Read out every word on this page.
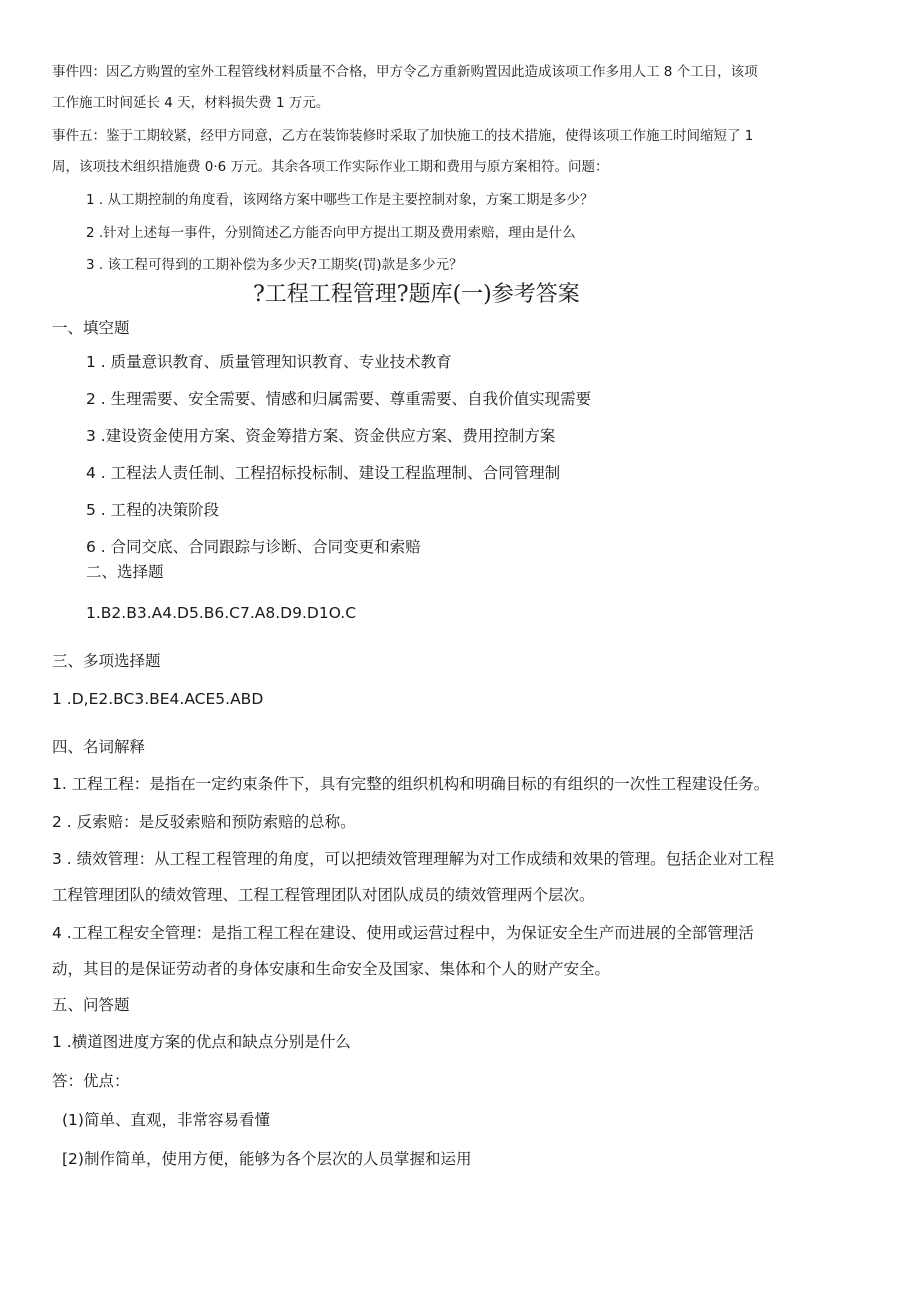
事件四：因乙方购置的室外工程管线材料质量不合格，甲方令乙方重新购置因此造成该项工作多用人工 8 个工日，该项
工作施工时间延长 4 天，材料损失费 1 万元。
事件五：鉴于工期较紧，经甲方同意，乙方在装饰装修时采取了加快施工的技术措施，使得该项工作施工时间缩短了 1
周，该项技术组织措施费 0·6 万元。其余各项工作实际作业工期和费用与原方案相符。问题：
1 . 从工期控制的角度看，该网络方案中哪些工作是主要控制对象，方案工期是多少？
2 .针对上述每一事件，分别简述乙方能否向甲方提出工期及费用索赔，理由是什么
3 . 该工程可得到的工期补偿为多少天?工期奖(罚)款是多少元？
?工程工程管理?题库(一)参考答案
一、填空题
1 . 质量意识教育、质量管理知识教育、专业技术教育
2 . 生理需要、安全需要、情感和归属需要、尊重需要、自我价值实现需要
3 .建设资金使用方案、资金筹措方案、资金供应方案、费用控制方案
4 . 工程法人责任制、工程招标投标制、建设工程监理制、合同管理制
5 . 工程的决策阶段
6 . 合同交底、合同跟踪与诊断、合同变更和索赔
二、选择题
1.B2.B3.A4.D5.B6.C7.A8.D9.D1O.C
三、多项选择题
1 .D,E2.BC3.BE4.ACE5.ABD
四、名词解释
1. 工程工程：是指在一定约束条件下，具有完整的组织机构和明确目标的有组织的一次性工程建设任务。
2 . 反索赔：是反驳索赔和预防索赔的总称。
3 . 绩效管理：从工程工程管理的角度，可以把绩效管理理解为对工作成绩和效果的管理。包括企业对工程
工程管理团队的绩效管理、工程工程管理团队对团队成员的绩效管理两个层次。
4 .工程工程安全管理：是指工程工程在建设、使用或运营过程中，为保证安全生产而进展的全部管理活
动，其目的是保证劳动者的身体安康和生命安全及国家、集体和个人的财产安全。
五、问答题
1 .横道图进度方案的优点和缺点分别是什么
答：优点：
(1)简单、直观，非常容易看懂
[2)制作简单，使用方便，能够为各个层次的人员掌握和运用
